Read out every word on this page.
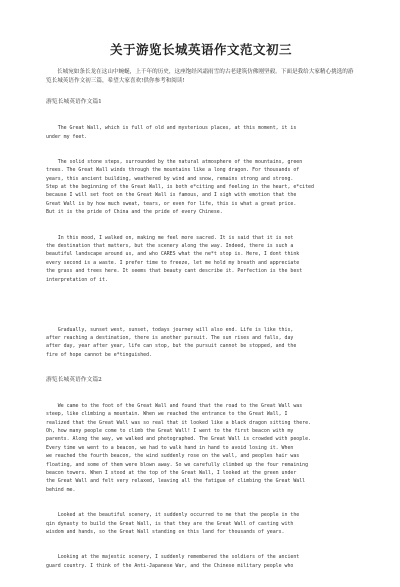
关于游览长城英语作文范文初三

长城宛如条长龙在这山中蜿蜒，上千年的历史，这座饱经风霜雨雪的古老建筑仿佛刚坚毅。下面是我给大家精心挑选的游览长城英语作文初三篇，希望大家喜欢!供你参考和阅读!

游览长城英语作文篇1

The Great Wall, which is full of old and mysterious places, at this moment, it is
under my feet.

The solid stone steps, surrounded by the natural atmosphere of the mountains, green
trees. The Great Wall winds through the mountains like a long dragon. For thousands of
years, this ancient building, weathered by wind and snow, remains strong and strong.
Step at the beginning of the Great Wall, is both e*citing and feeling in the heart, e*cited
because I will set foot on the Great Wall is famous, and I sigh with emotion that the
Great Wall is by how much sweat, tears, or even for life, this is what a great price.
But it is the pride of China and the pride of every Chinese.

In this mood, I walked on, making me feel more sacred. It is said that it is not
the destination that matters, but the scenery along the way. Indeed, there is such a
beautiful landscape around us, and who CARES what the ne*t stop is. Here, I dont think
every second is a waste. I prefer time to freeze, let me hold my breath and appreciate
the grass and trees here. It seems that beauty cant describe it. Perfection is the best
interpretation of it.

Gradually, sunset west, sunset, todays journey will also end. Life is like this,
after reaching a destination, there is another pursuit. The sun rises and falls, day
after day, year after year, life can stop, but the pursuit cannot be stopped, and the
fire of hope cannot be e*tinguished.

游览长城英语作文篇2

We came to the foot of the Great Wall and found that the road to the Great Wall was
steep, like climbing a mountain. When we reached the entrance to the Great Wall, I
realized that the Great Wall was so real that it looked like a black dragon sitting there.
Oh, how many people come to climb the Great Wall! I went to the first beacon with my
parents. Along the way, we walked and photographed. The Great Wall is crowded with people.
Every time we went to a beacon, we had to walk hand in hand to avoid losing it. When
we reached the fourth beacon, the wind suddenly rose on the wall, and peoples hair was
floating, and some of them were blown away. So we carefully climbed up the four remaining
beacon towers. When I stood at the top of the Great Wall, I looked at the green under
the Great Wall and felt very relaxed, leaving all the fatigue of climbing the Great Wall
behind me.

Looked at the beautiful scenery, it suddenly occurred to me that the people in the
qin dynasty to build the Great Wall, is that they are the Great Wall of casting with
wisdom and hands, so the Great Wall standing on this land for thousands of years.

Looking at the majestic scenery, I suddenly remembered the soldiers of the ancient
guard country. I think of the Anti-Japanese War, and the Chinese military people who
